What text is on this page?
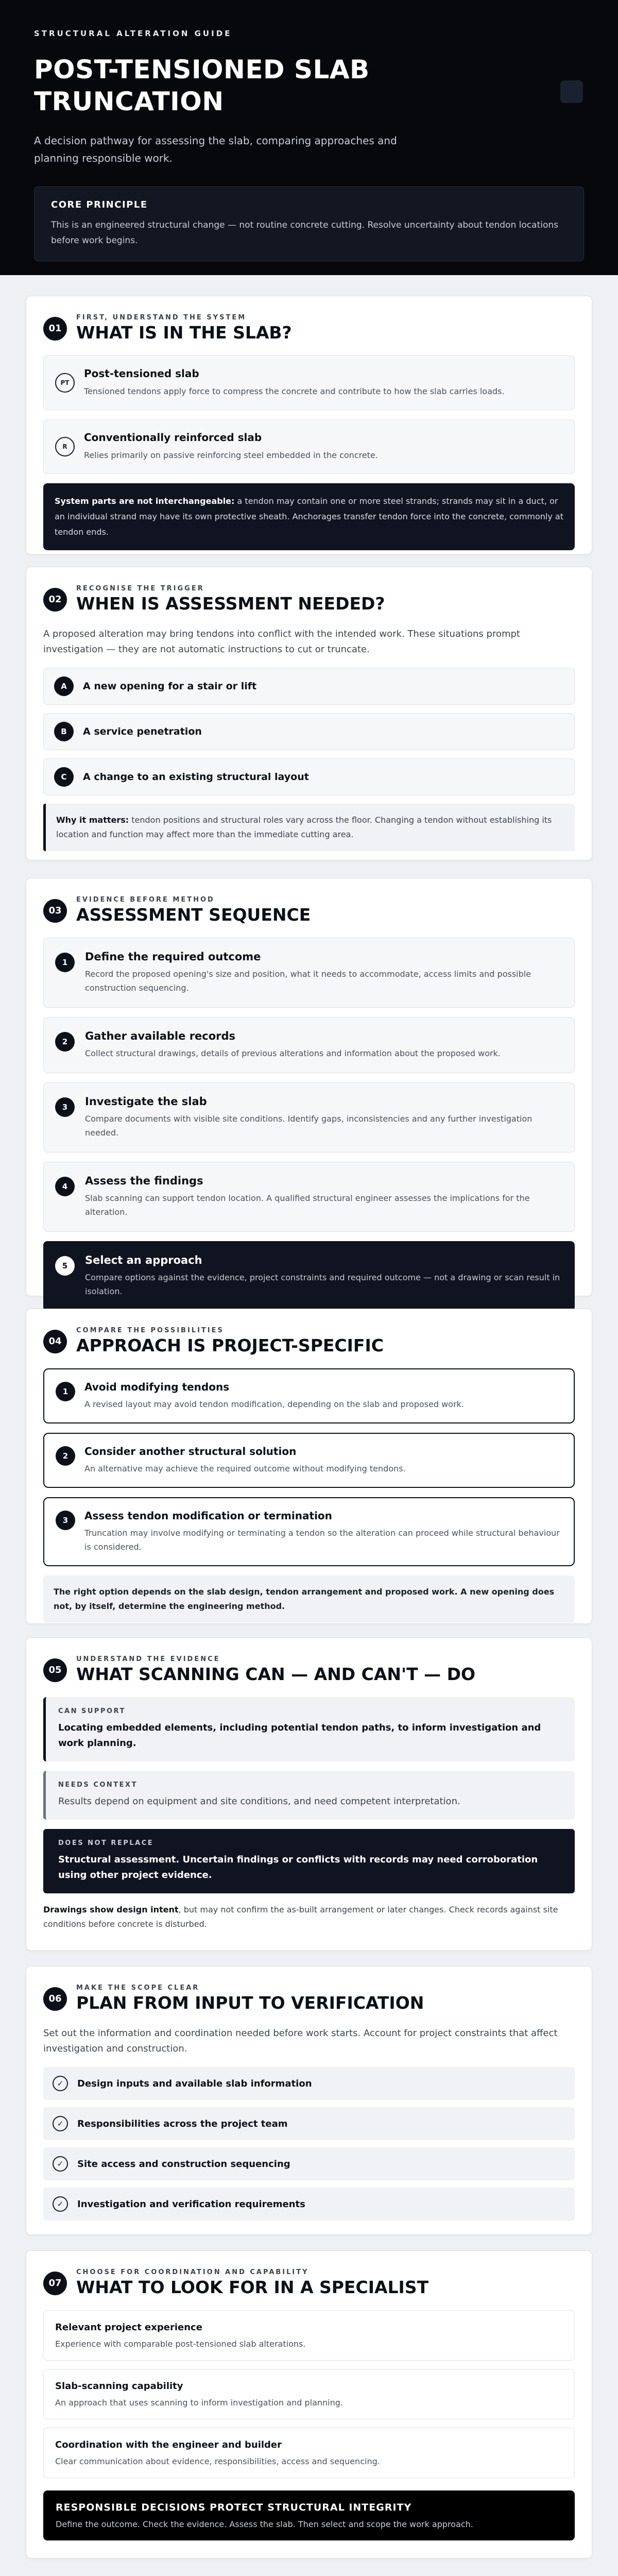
STRUCTURAL ALTERATION GUIDE
POST-TENSIONED SLAB
TRUNCATION

A decision pathway for assessing the slab, comparing approaches and planning responsible work.

CORE PRINCIPLE
This is an engineered structural change — not routine concrete cutting. Resolve uncertainty about tendon locations before work begins.
01
FIRST, UNDERSTAND THE SYSTEM
WHAT IS IN THE SLAB?
PT
Post-tensioned slab
Tensioned tendons apply force to compress the concrete and contribute to how the slab carries loads.
R
Conventionally reinforced slab
Relies primarily on passive reinforcing steel embedded in the concrete.
System parts are not interchangeable: a tendon may contain one or more steel strands; strands may sit in a duct, or an individual strand may have its own protective sheath. Anchorages transfer tendon force into the concrete, commonly at tendon ends.
02
RECOGNISE THE TRIGGER
WHEN IS ASSESSMENT NEEDED?

A proposed alteration may bring tendons into conflict with the intended work. These situations prompt investigation — they are not automatic instructions to cut or truncate.

A	A new opening for a stair or lift
B	A service penetration
C	A change to an existing structural layout
Why it matters: tendon positions and structural roles vary across the floor. Changing a tendon without establishing its location and function may affect more than the immediate cutting area.
03
EVIDENCE BEFORE METHOD
ASSESSMENT SEQUENCE
1	Define the required outcome
Record the proposed opening's size and position, what it needs to accommodate, access limits and possible construction sequencing.
2	Gather available records
Collect structural drawings, details of previous alterations and information about the proposed work.
3	Investigate the slab
Compare documents with visible site conditions. Identify gaps, inconsistencies and any further investigation needed.
4	Assess the findings
Slab scanning can support tendon location. A qualified structural engineer assesses the implications for the alteration.
5	Select an approach
Compare options against the evidence, project constraints and required outcome — not a drawing or scan result in isolation.
04
COMPARE THE POSSIBILITIES
APPROACH IS PROJECT-SPECIFIC
1	Avoid modifying tendons
A revised layout may avoid tendon modification, depending on the slab and proposed work.
2	Consider another structural solution
An alternative may achieve the required outcome without modifying tendons.
3	Assess tendon modification or termination
Truncation may involve modifying or terminating a tendon so the alteration can proceed while structural behaviour is considered.
The right option depends on the slab design, tendon arrangement and proposed work. A new opening does not, by itself, determine the engineering method.
05
UNDERSTAND THE EVIDENCE
WHAT SCANNING CAN — AND CAN'T — DO
CAN SUPPORT
Locating embedded elements, including potential tendon paths, to inform investigation and work planning.
NEEDS CONTEXT
Results depend on equipment and site conditions, and need competent interpretation.
DOES NOT REPLACE
Structural assessment. Uncertain findings or conflicts with records may need corroboration using other project evidence.

Drawings show design intent, but may not confirm the as-built arrangement or later changes. Check records against site conditions before concrete is disturbed.

06
MAKE THE SCOPE CLEAR
PLAN FROM INPUT TO VERIFICATION

Set out the information and coordination needed before work starts. Account for project constraints that affect investigation and construction.

✓	Design inputs and available slab information
✓	Responsibilities across the project team
✓	Site access and construction sequencing
✓	Investigation and verification requirements
07
CHOOSE FOR COORDINATION AND CAPABILITY
WHAT TO LOOK FOR IN A SPECIALIST
Relevant project experience
Experience with comparable post-tensioned slab alterations.
Slab-scanning capability
An approach that uses scanning to inform investigation and planning.
Coordination with the engineer and builder
Clear communication about evidence, responsibilities, access and sequencing.
RESPONSIBLE DECISIONS PROTECT STRUCTURAL INTEGRITY
Define the outcome. Check the evidence. Assess the slab. Then select and scope the work approach.
